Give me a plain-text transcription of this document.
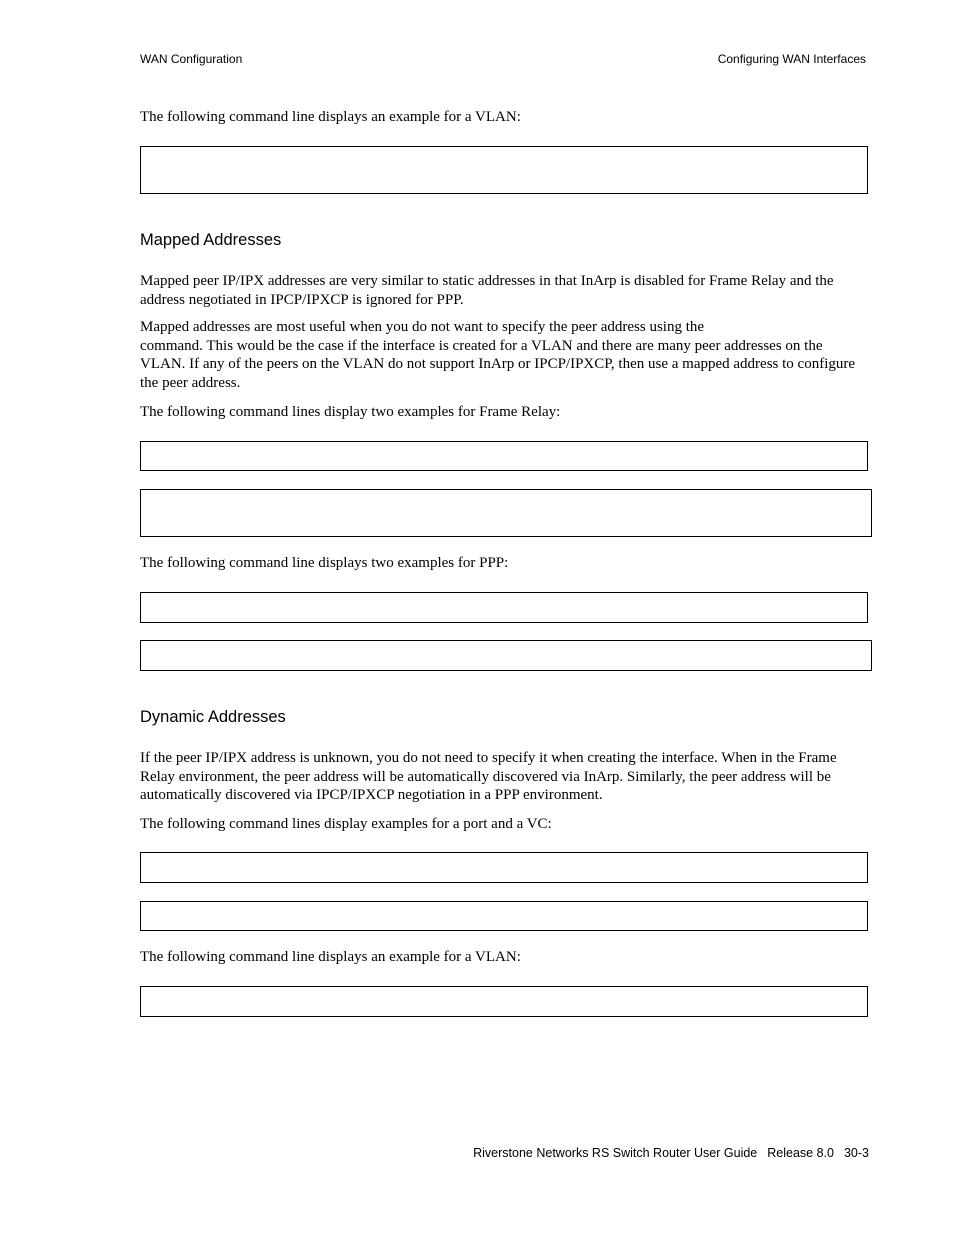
WAN Configuration	Configuring WAN Interfaces

The following command line displays an example for a VLAN:

Mapped Addresses

Mapped peer IP/IPX addresses are very similar to static addresses in that InArp is disabled for Frame Relay and the address negotiated in IPCP/IPXCP is ignored for PPP.

Mapped addresses are most useful when you do not want to specify the peer address using the
command. This would be the case if the interface is created for a VLAN and there are many peer addresses on the VLAN. If any of the peers on the VLAN do not support InArp or IPCP/IPXCP, then use a mapped address to configure the peer address.

The following command lines display two examples for Frame Relay:

The following command line displays two examples for PPP:

Dynamic Addresses

If the peer IP/IPX address is unknown, you do not need to specify it when creating the interface. When in the Frame Relay environment, the peer address will be automatically discovered via InArp. Similarly, the peer address will be automatically discovered via IPCP/IPXCP negotiation in a PPP environment.

The following command lines display examples for a port and a VC:

The following command line displays an example for a VLAN:

Riverstone Networks RS Switch Router User Guide Release 8.0 30-3
